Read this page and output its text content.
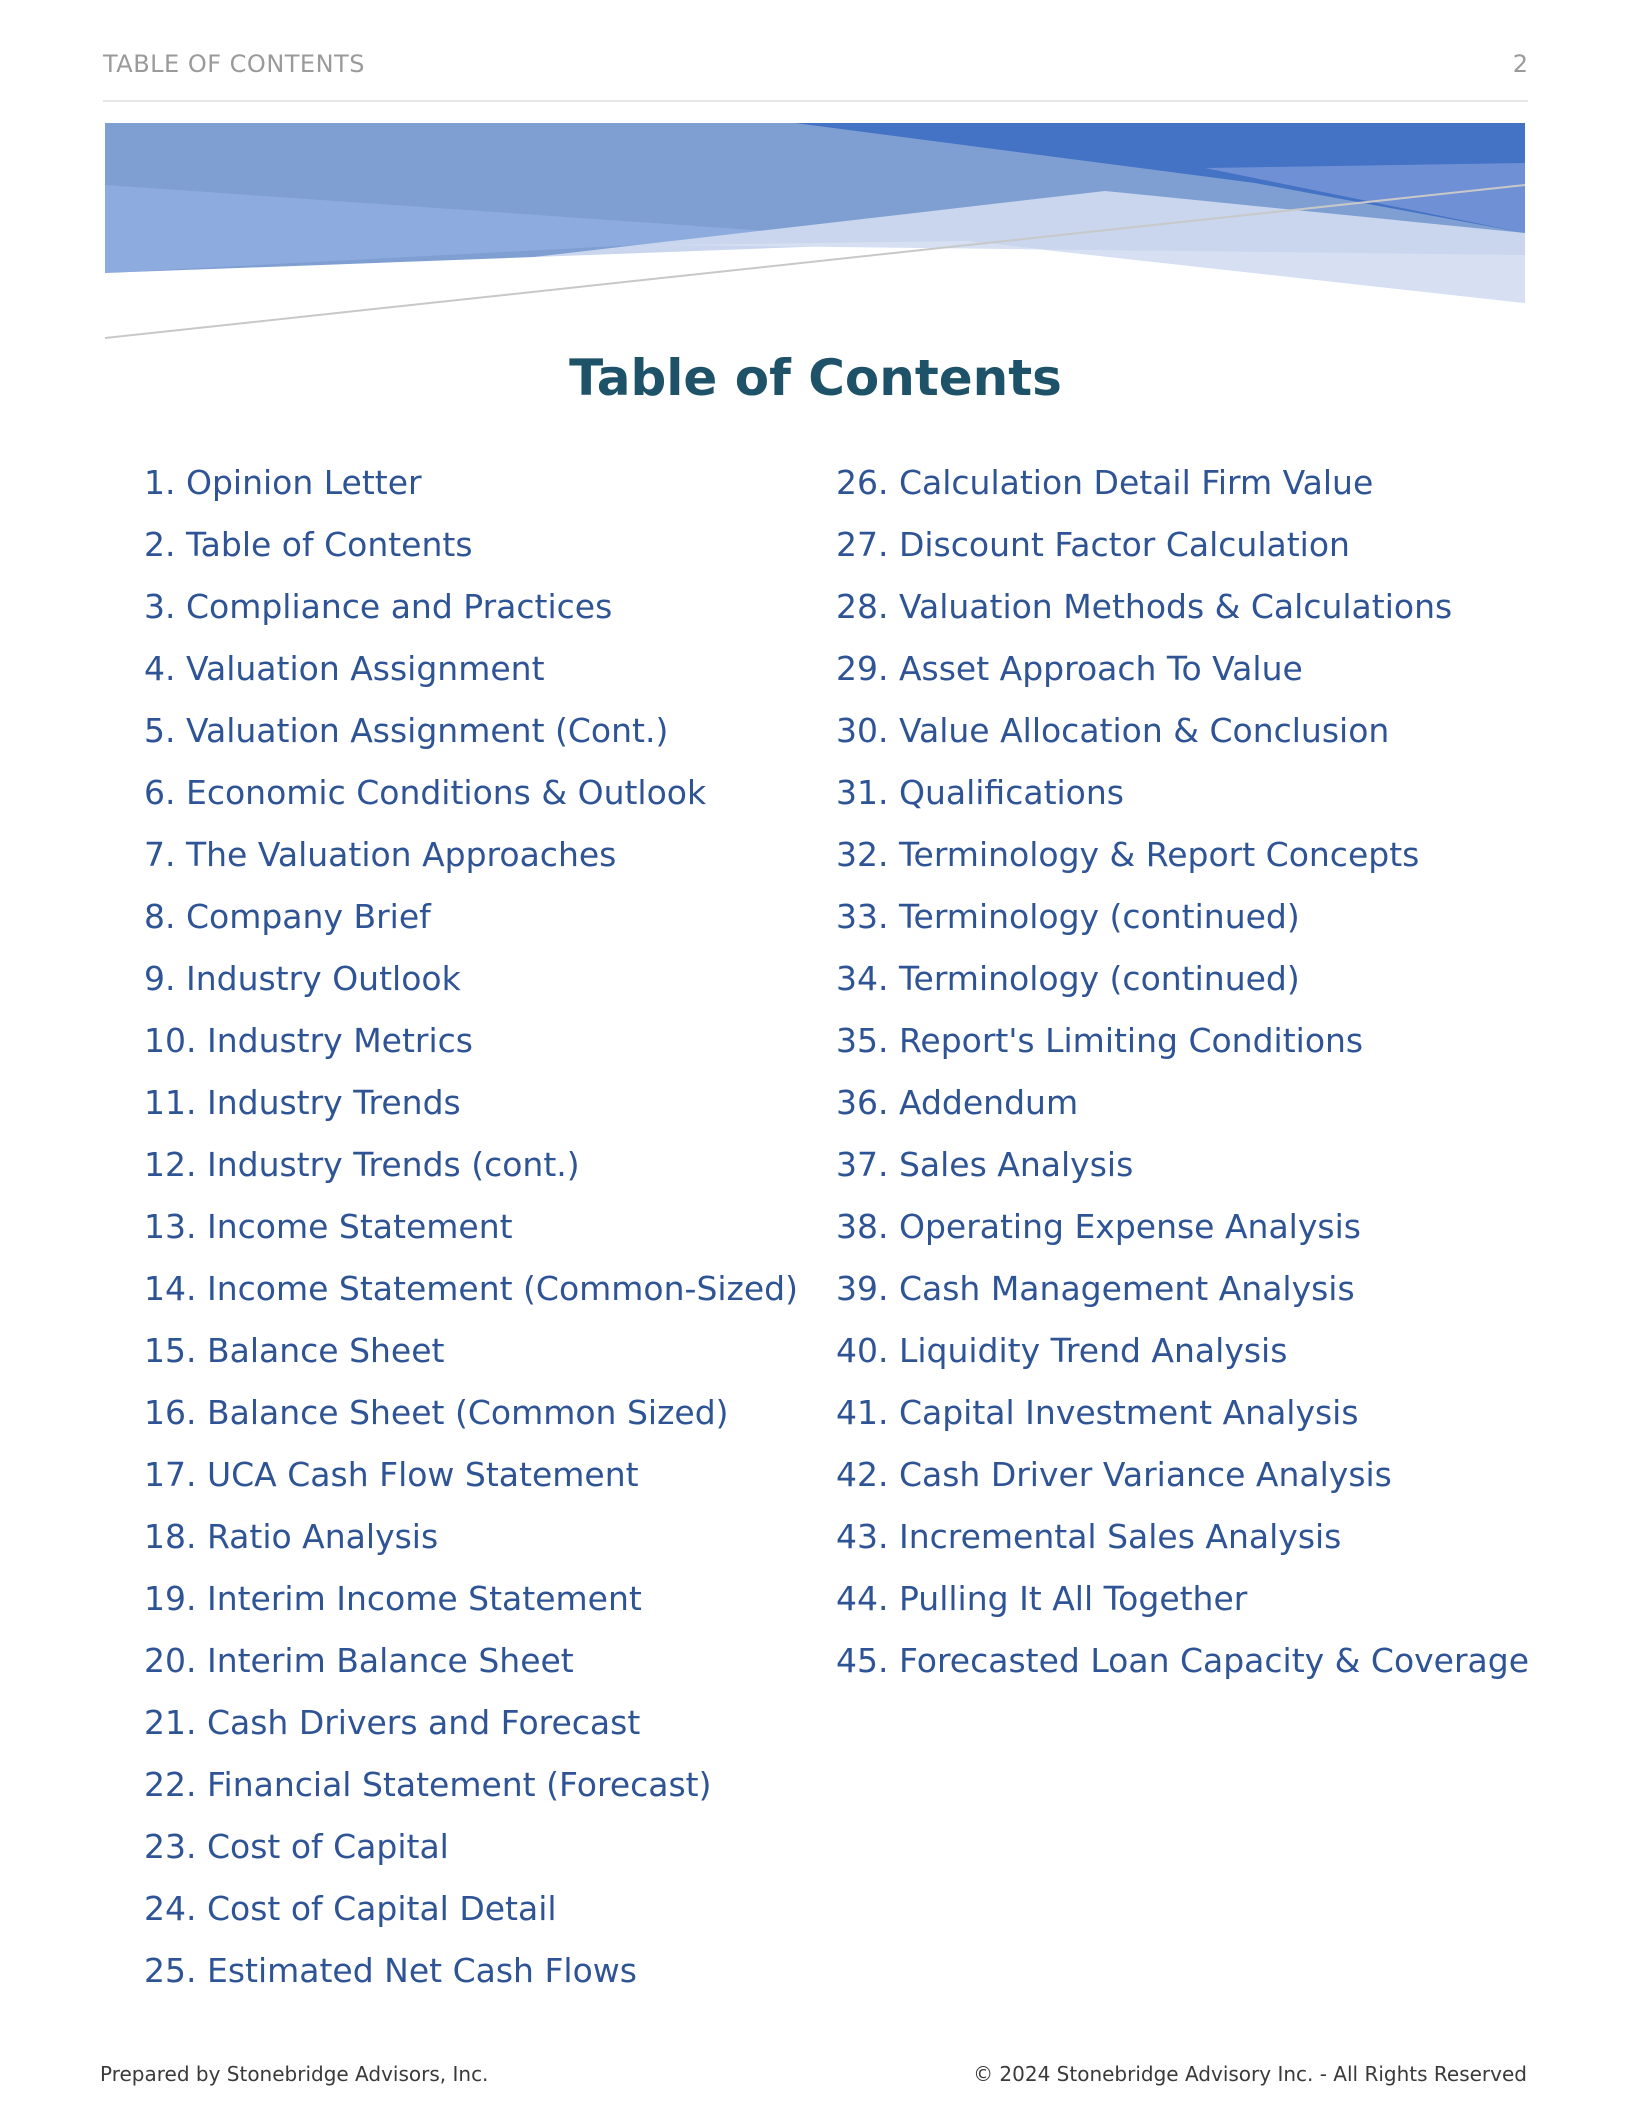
TABLE OF CONTENTS	2
Table of Contents
1. Opinion Letter
2. Table of Contents
3. Compliance and Practices
4. Valuation Assignment
5. Valuation Assignment (Cont.)
6. Economic Conditions & Outlook
7. The Valuation Approaches
8. Company Brief
9. Industry Outlook
10. Industry Metrics
11. Industry Trends
12. Industry Trends (cont.)
13. Income Statement
14. Income Statement (Common-Sized)
15. Balance Sheet
16. Balance Sheet (Common Sized)
17. UCA Cash Flow Statement
18. Ratio Analysis
19. Interim Income Statement
20. Interim Balance Sheet
21. Cash Drivers and Forecast
22. Financial Statement (Forecast)
23. Cost of Capital
24. Cost of Capital Detail
25. Estimated Net Cash Flows
26. Calculation Detail Firm Value
27. Discount Factor Calculation
28. Valuation Methods & Calculations
29. Asset Approach To Value
30. Value Allocation & Conclusion
31. Qualifications
32. Terminology & Report Concepts
33. Terminology (continued)
34. Terminology (continued)
35. Report's Limiting Conditions
36. Addendum
37. Sales Analysis
38. Operating Expense Analysis
39. Cash Management Analysis
40. Liquidity Trend Analysis
41. Capital Investment Analysis
42. Cash Driver Variance Analysis
43. Incremental Sales Analysis
44. Pulling It All Together
45. Forecasted Loan Capacity & Coverage
Prepared by Stonebridge Advisors, Inc.	© 2024 Stonebridge Advisory Inc. - All Rights Reserved
